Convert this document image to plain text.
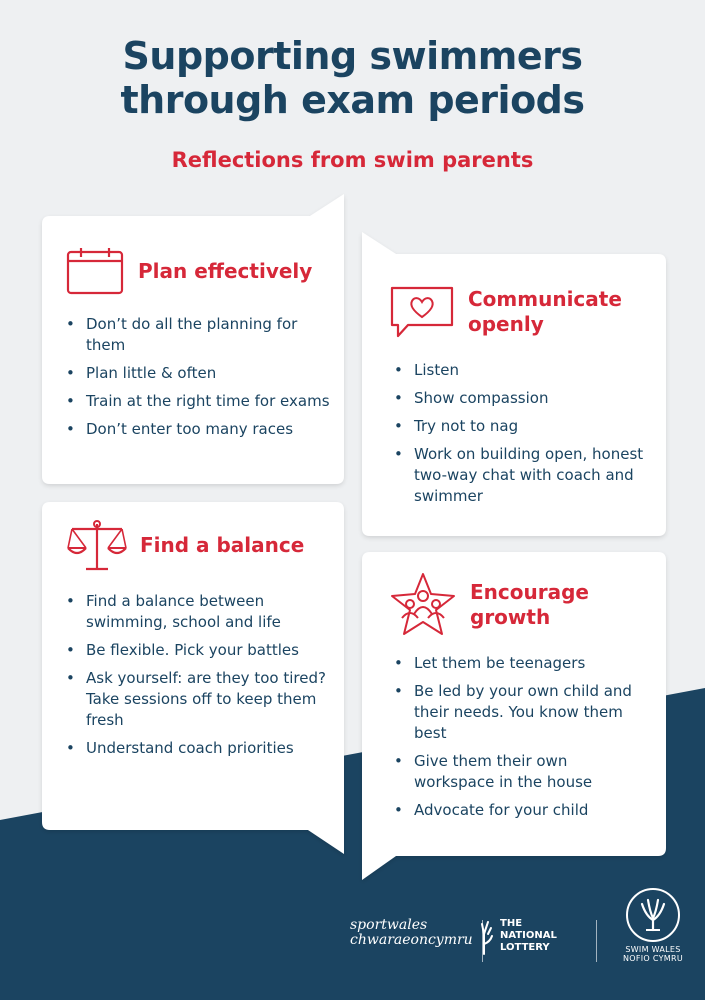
Supporting swimmers
through exam periods
Reflections from swim parents
Plan effectively
• Don’t do all the planning for them
• Plan little & often
• Train at the right time for exams
• Don’t enter too many races
Communicate
openly
• Listen
• Show compassion
• Try not to nag
• Work on building open, honest two-way chat with coach and swimmer
Find a balance
• Find a balance between swimming, school and life
• Be flexible. Pick your battles
• Ask yourself: are they too tired? Take sessions off to keep them fresh
• Understand coach priorities
Encourage
growth
• Let them be teenagers
• Be led by your own child and their needs. You know them best
• Give them their own workspace in the house
• Advocate for your child
sportwales
chwaraeoncymru
THE
NATIONAL
LOTTERY	SWIM WALES
NOFIO CYMRU
